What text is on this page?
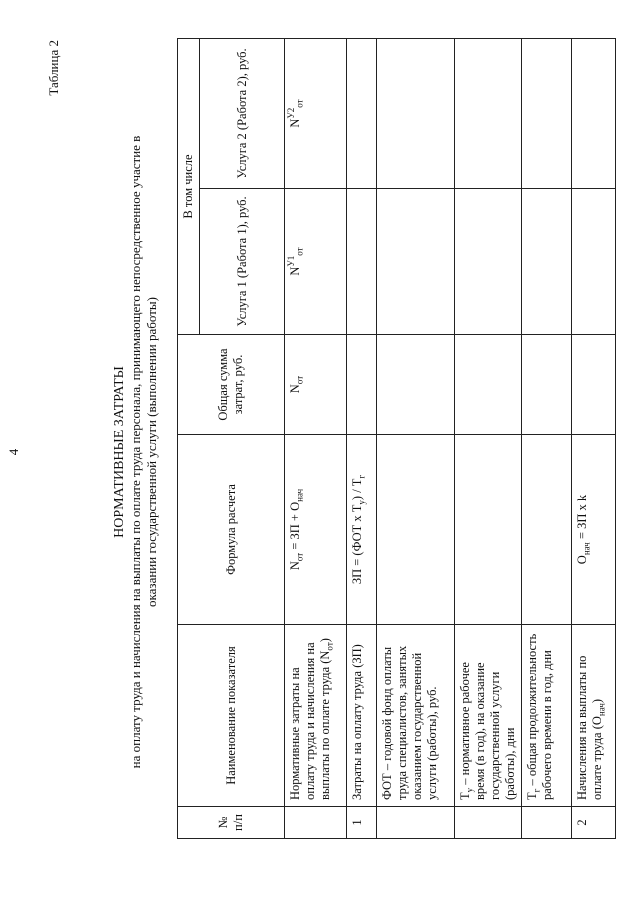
4
Таблица 2
НОРМАТИВНЫЕ ЗАТРАТЫ на оплату труда и начисления на выплаты по оплате труда персонала, принимающего непосредственное участие в оказании государственной услуги (выполнении работы)
№ п/п	Наименование показателя	Формула расчета	Общая сумма затрат, руб.	В том числе	
				Услуга 1 (Работа 1), руб.	Услуга 2 (Работа 2), руб.
	Нормативные затраты на оплату труда и начисления на выплаты по оплате труда $(N_{от})$	$N_{от}$ = ЗП + $О_{нач}$	$N_{от}$	$N^{У1}_{от}$	$N^{У2}_{от}$
1	Затраты на оплату труда (ЗП)	ЗП = (ФОТ x $Т_у) / Т_г$			
	ФОТ – годовой фонд оплаты труда специалистов, занятых оказанием государственной услуги (работы), руб.				
	$Т_у$ – нормативное рабочее время (в год), на оказание государственной услуги (работы), дни				
	$Т_г$ – общая продолжительность рабочего времени в год, дни				
2	Начисления на выплаты по оплате труда $(О_{нач})$	$О_{нач}$ = ЗП x k			
